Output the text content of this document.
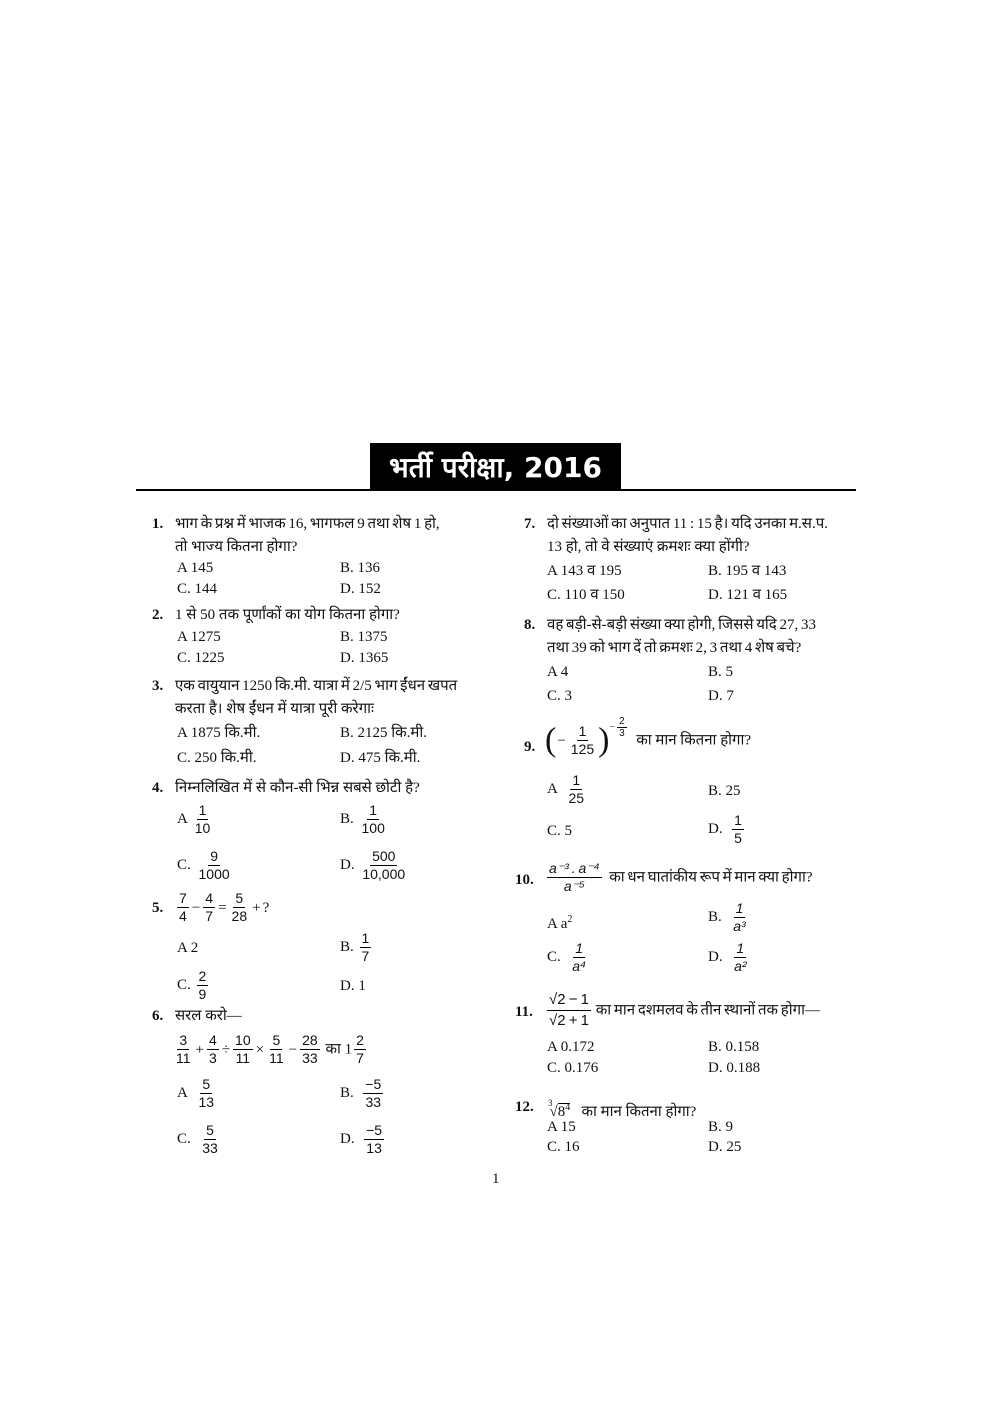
भर्ती परीक्षा, 2016
1. भाग के प्रश्न में भाजक 16, भागफल 9 तथा शेष 1 हो,
तो भाज्य कितना होगा?
A 145	B. 136
C. 144	D. 152
2. 1 से 50 तक पूर्णांकों का योग कितना होगा?
A 1275	B. 1375
C. 1225	D. 1365
3. एक वायुयान 1250 कि.मी. यात्रा में 2/5 भाग ईंधन खपत
करता है। शेष ईंधन में यात्रा पूरी करेगाः
A 1875 कि.मी.	B. 2125 कि.मी.
C. 250 कि.मी.	D. 475 कि.मी.
4. निम्नलिखित में से कौन-सी भिन्न सबसे छोटी है?
A $\frac{1}{10}$	B. $\frac{1}{100}$
C. $\frac{9}{1000}$	D. $\frac{500}{10,000}$
5. $\frac{7}{4} - \frac{4}{7} = \frac{5}{28}$ + ?
A 2	B. $\frac{1}{7}$
C. $\frac{2}{9}$	D. 1
6. सरल करो—
$\frac{3}{11} + \frac{4}{3} \div \frac{10}{11} \times \frac{5}{11} - \frac{28}{33}$ का $1 \frac{2}{7}$
A $\frac{5}{13}$	B. $\frac{-5}{33}$
C. $\frac{5}{33}$	D. $\frac{-5}{13}$
7. दो संख्याओं का अनुपात 11 : 15 है। यदि उनका म.स.प.
13 हो, तो वे संख्याएं क्रमशः क्या होंगी?
A 143 व 195	B. 195 व 143
C. 110 व 150	D. 121 व 165
8. वह बड़ी-से-बड़ी संख्या क्या होगी, जिससे यदि 27, 33
तथा 39 को भाग दें तो क्रमशः 2, 3 तथा 4 शेष बचे?
A 4	B. 5
C. 3	D. 7
9. (− $\frac{1}{125} )^{- \frac{2}{3}}$
का मान कितना होगा?
A $\frac{1}{25}$	B. 25
C. 5	D. $\frac{1}{5}$
10. $\frac{\text{a⁻³ . a⁻⁴}}{\text{a⁻⁵}}$ का धन घातांकीय रूप में मान क्या होगा?
A $a^2$	B. $\frac{1}{\text{a³}}$
C. $\frac{1}{\text{a⁴}}$	D. $\frac{1}{\text{a²}}$
11. $\frac{√2 - 1}{√2 + 1}$ का मान दशमलव के तीन स्थानों तक होगा—
A 0.172	B. 0.158
C. 0.176	D. 0.188
12. $^3√8^4$ का मान कितना होगा?
A 15	B. 9
C. 16	D. 25
1
